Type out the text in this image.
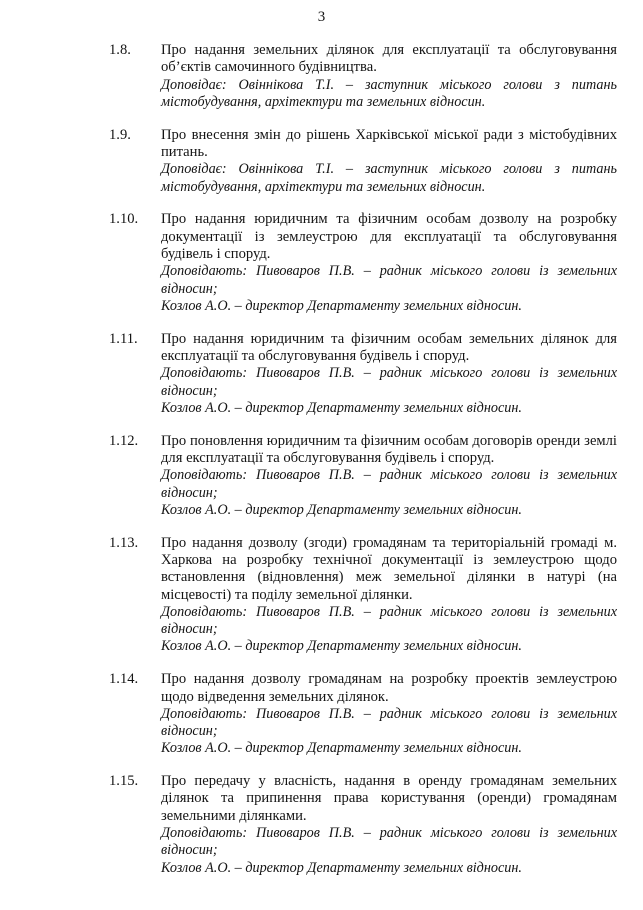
3
1.8. Про надання земельних ділянок для експлуатації та обслуговування об’єктів самочинного будівництва.
Доповідає: Овіннікова Т.І. – заступник міського голови з питань містобудування, архітектури та земельних відносин.
1.9. Про внесення змін до рішень Харківської міської ради з містобудівних питань.
Доповідає: Овіннікова Т.І. – заступник міського голови з питань містобудування, архітектури та земельних відносин.
1.10. Про надання юридичним та фізичним особам дозволу на розробку документації із землеустрою для експлуатації та обслуговування будівель і споруд.
Доповідають: Пивоваров П.В. – радник міського голови із земельних відносин;
Козлов А.О. – директор Департаменту земельних відносин.
1.11. Про надання юридичним та фізичним особам земельних ділянок для експлуатації та обслуговування будівель і споруд.
Доповідають: Пивоваров П.В. – радник міського голови із земельних відносин;
Козлов А.О. – директор Департаменту земельних відносин.
1.12. Про поновлення юридичним та фізичним особам договорів оренди землі для експлуатації та обслуговування будівель і споруд.
Доповідають: Пивоваров П.В. – радник міського голови із земельних відносин;
Козлов А.О. – директор Департаменту земельних відносин.
1.13. Про надання дозволу (згоди) громадянам та територіальній громаді м. Харкова на розробку технічної документації із землеустрою щодо встановлення (відновлення) меж земельної ділянки в натурі (на місцевості) та поділу земельної ділянки.
Доповідають: Пивоваров П.В. – радник міського голови із земельних відносин;
Козлов А.О. – директор Департаменту земельних відносин.
1.14. Про надання дозволу громадянам на розробку проектів землеустрою щодо відведення земельних ділянок.
Доповідають: Пивоваров П.В. – радник міського голови із земельних відносин;
Козлов А.О. – директор Департаменту земельних відносин.
1.15. Про передачу у власність, надання в оренду громадянам земельних ділянок та припинення права користування (оренди) громадянам земельними ділянками.
Доповідають: Пивоваров П.В. – радник міського голови із земельних відносин;
Козлов А.О. – директор Департаменту земельних відносин.
